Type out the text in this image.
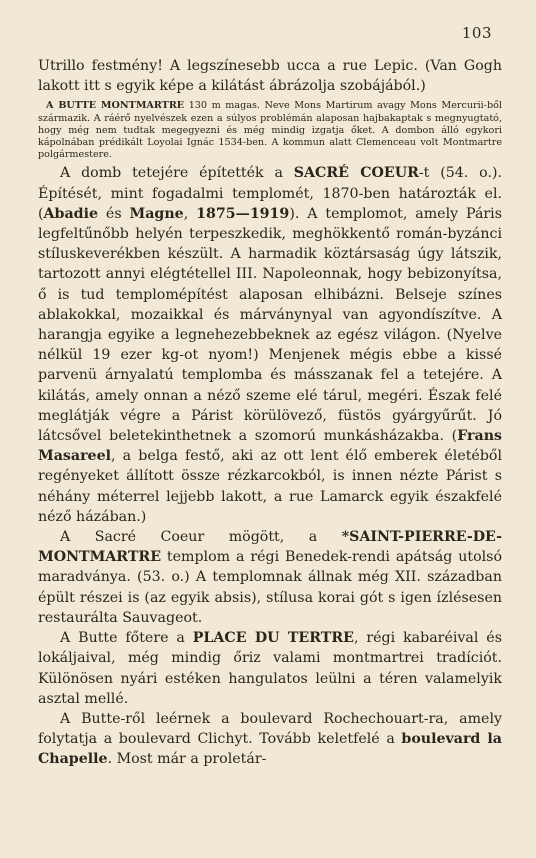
103

Utrillo festmény! A legszínesebb ucca a rue Lepic. (Van Gogh lakott itt s egyik képe a kilátást ábrázolja szobájából.)

A BUTTE MONTMARTRE 130 m magas. Neve Mons Martirum avagy Mons Mercurii-ből származik. A ráérő nyelvészek ezen a súlyos problémán alaposan hajbakaptak s megnyugtató, hogy még nem tudtak megegyezni és még mindig izgatja őket. A dombon álló egykori kápolnában prédikált Loyolai Ignác 1534-ben. A kommun alatt Clemenceau volt Montmartre polgármestere.

A domb tetejére építették a SACRÉ COEUR-t (54. o.). Építését, mint fogadalmi templomét, 1870-ben határozták el. (Abadie és Magne, 1875—1919). A templomot, amely Páris legfeltűnőbb helyén terpeszkedik, meghökkentő román-byzánci stíluskeverékben készült. A harmadik köztársaság úgy látszik, tartozott annyi elégtétellel III. Napoleonnak, hogy bebizonyítsa, ő is tud templomépítést alaposan elhibázni. Belseje színes ablakokkal, mozaikkal és márványnyal van agyondíszítve. A harangja egyike a legnehezebbeknek az egész világon. (Nyelve nélkül 19 ezer kg-ot nyom!) Menjenek mégis ebbe a kissé parvenü árnyalatú templomba és másszanak fel a tetejére. A kilátás, amely onnan a néző szeme elé tárul, megéri. Észak felé meglátják végre a Párist körülövező, füstös gyárgyűrűt. Jó látcsővel beletekinthetnek a szomorú munkásházakba. (Frans Masareel, a belga festő, aki az ott lent élő emberek életéből regényeket állított össze rézkarcokból, is innen nézte Párist s néhány méterrel lejjebb lakott, a rue Lamarck egyik északfelé néző házában.)

A Sacré Coeur mögött, a *SAINT-PIERRE-DE-MONTMARTRE templom a régi Benedek-rendi apátság utolsó maradványa. (53. o.) A templomnak állnak még XII. században épült részei is (az egyik absis), stílusa korai gót s igen ízlésesen restaurálta Sauvageot.

A Butte főtere a PLACE DU TERTRE, régi kabaréival és lokáljaival, még mindig őriz valami montmartrei tradíciót. Különösen nyári estéken hangulatos leülni a téren valamelyik asztal mellé.

A Butte-ről leérnek a boulevard Rochechouart-ra, amely folytatja a boulevard Clichyt. Tovább keletfelé a boulevard la Chapelle. Most már a proletár-
